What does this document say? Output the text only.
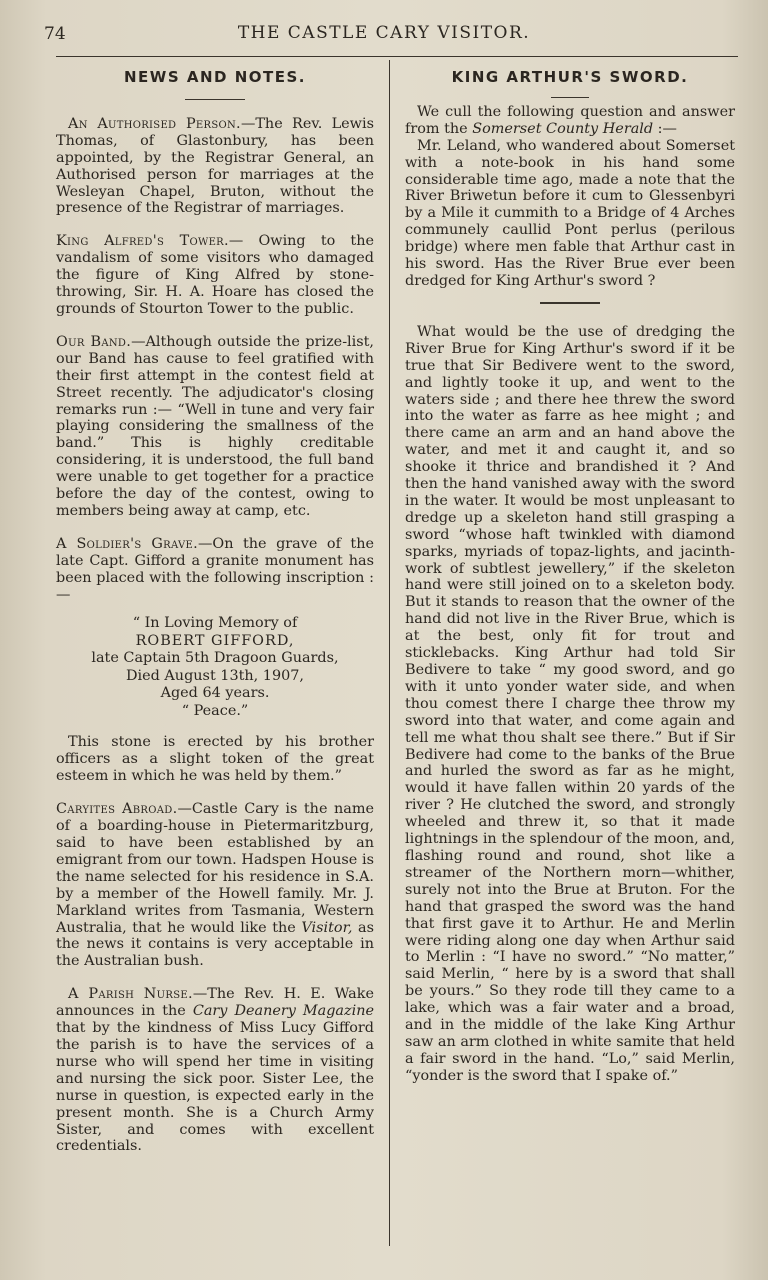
74	THE CASTLE CARY VISITOR.
NEWS AND NOTES.

An Authorised Person.—The Rev. Lewis Thomas, of Glastonbury, has been appointed, by the Registrar General, an Authorised person for marriages at the Wesleyan Chapel, Bruton, without the presence of the Registrar of marriages.

King Alfred's Tower.— Owing to the vandalism of some visitors who damaged the figure of King Alfred by stone-throwing, Sir. H. A. Hoare has closed the grounds of Stourton Tower to the public.

Our Band.—Although outside the prize-list, our Band has cause to feel gratified with their first attempt in the contest field at Street recently. The adjudicator's closing remarks run :— “Well in tune and very fair playing considering the smallness of the band.” This is highly creditable considering, it is understood, the full band were unable to get together for a practice before the day of the contest, owing to members being away at camp, etc.

A Soldier's Grave.—On the grave of the late Capt. Gifford a granite monument has been placed with the following inscription :—

“ In Loving Memory of
ROBERT GIFFORD,
late Captain 5th Dragoon Guards,
Died August 13th, 1907,
Aged 64 years.
“ Peace.”

This stone is erected by his brother officers as a slight token of the great esteem in which he was held by them.”

Caryites Abroad.—Castle Cary is the name of a boarding-house in Pietermaritzburg, said to have been established by an emigrant from our town. Hadspen House is the name selected for his residence in S.A. by a member of the Howell family. Mr. J. Markland writes from Tasmania, Western Australia, that he would like the Visitor, as the news it contains is very acceptable in the Australian bush.

A Parish Nurse.—The Rev. H. E. Wake announces in the Cary Deanery Magazine that by the kindness of Miss Lucy Gifford the parish is to have the services of a nurse who will spend her time in visiting and nursing the sick poor. Sister Lee, the nurse in question, is expected early in the present month. She is a Church Army Sister, and comes with excellent credentials.

KING ARTHUR'S SWORD.

We cull the following question and answer from the Somerset County Herald :—

Mr. Leland, who wandered about Somerset with a note-book in his hand some considerable time ago, made a note that the River Briwetun before it cum to Glessenbyri by a Mile it cummith to a Bridge of 4 Arches communely caullid Pont perlus (perilous bridge) where men fable that Arthur cast in his sword. Has the River Brue ever been dredged for King Arthur's sword ?

What would be the use of dredging the River Brue for King Arthur's sword if it be true that Sir Bedivere went to the sword, and lightly tooke it up, and went to the waters side ; and there hee threw the sword into the water as farre as hee might ; and there came an arm and an hand above the water, and met it and caught it, and so shooke it thrice and brandished it ? And then the hand vanished away with the sword in the water. It would be most unpleasant to dredge up a skeleton hand still grasping a sword “whose haft twinkled with diamond sparks, myriads of topaz-lights, and jacinth-work of subtlest jewellery,” if the skeleton hand were still joined on to a skeleton body. But it stands to reason that the owner of the hand did not live in the River Brue, which is at the best, only fit for trout and sticklebacks. King Arthur had told Sir Bedivere to take “ my good sword, and go with it unto yonder water side, and when thou comest there I charge thee throw my sword into that water, and come again and tell me what thou shalt see there.” But if Sir Bedivere had come to the banks of the Brue and hurled the sword as far as he might, would it have fallen within 20 yards of the river ? He clutched the sword, and strongly wheeled and threw it, so that it made lightnings in the splendour of the moon, and, flashing round and round, shot like a streamer of the Northern morn—whither, surely not into the Brue at Bruton. For the hand that grasped the sword was the hand that first gave it to Arthur. He and Merlin were riding along one day when Arthur said to Merlin : “I have no sword.” “No matter,” said Merlin, “ here by is a sword that shall be yours.” So they rode till they came to a lake, which was a fair water and a broad, and in the middle of the lake King Arthur saw an arm clothed in white samite that held a fair sword in the hand. “Lo,” said Merlin, “yonder is the sword that I spake of.”
